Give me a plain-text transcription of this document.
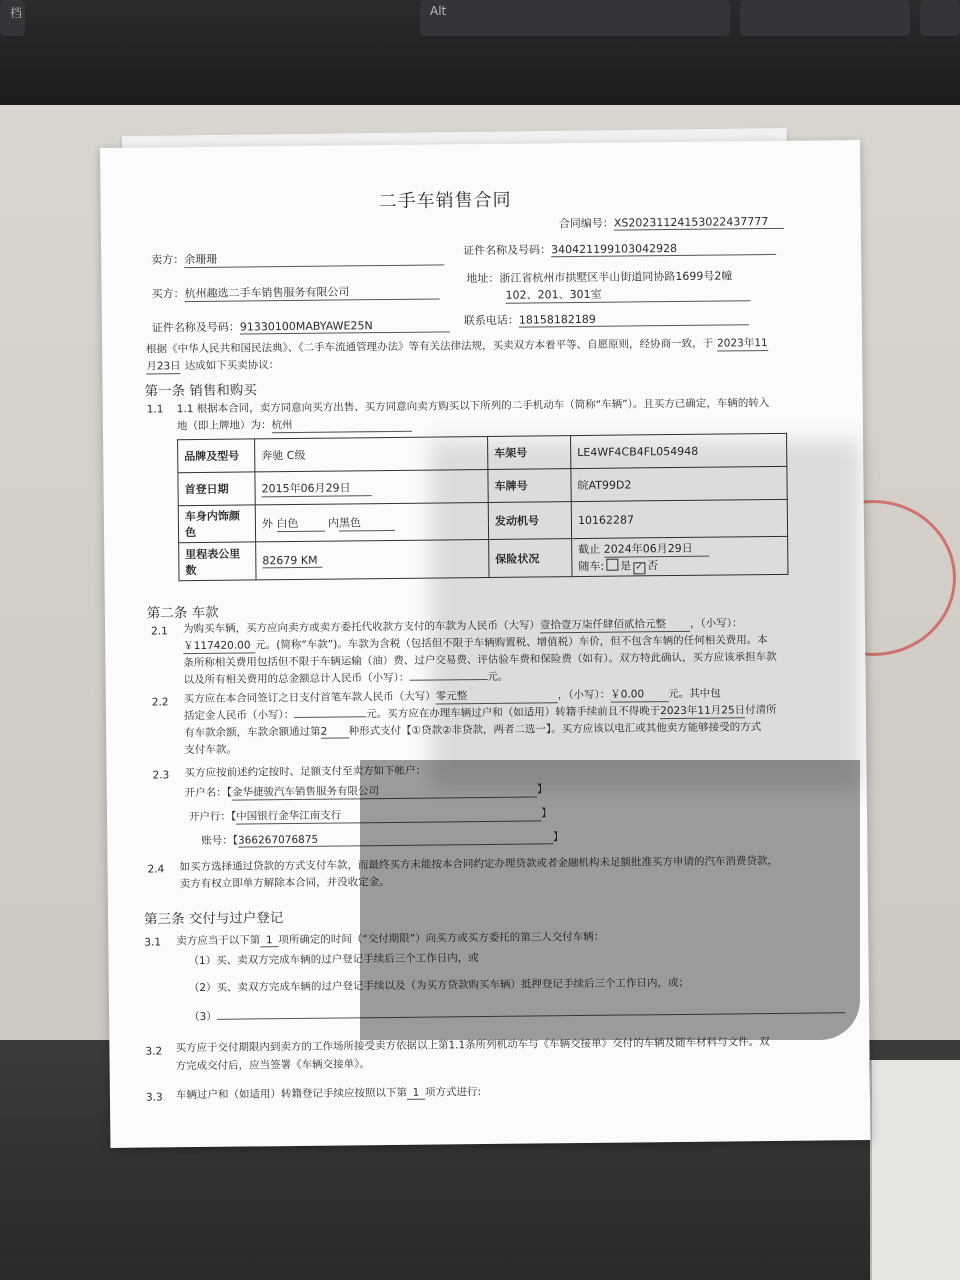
档	Alt
二手车销售合同
合同编号：XS20231124153022437777
卖方：余珊珊
证件名称及号码：340421199103042928
买方：杭州趣选二手车销售服务有限公司
地址：浙江省杭州市拱墅区半山街道同协路1699号2幢
102、201、301室
证件名称及号码：91330100MABYAWE25N	联系电话：18158182189
根据《中华人民共和国民法典》、《二手车流通管理办法》等有关法律法规，买卖双方本着平等、自愿原则，经协商一致，于 2023年11
月23日 达成如下买卖协议：
第一条 销售和购买
1.1 1.1 根据本合同，卖方同意向买方出售、买方同意向卖方购买以下所列的二手机动车（简称“车辆”）。且买方已确定，车辆的转入
地（即上牌地）为：杭州
品牌及型号	奔驰 C级	车架号	LE4WF4CB4FL054948
首登日期	2015年06月29日	车牌号	皖AT99D2
车身内饰颜色	外 白色 内黑色	发动机号	10162287
里程表公里数	82679 KM	保险状况	截止 2024年06月29日
随车: 是 ✓ 否
第二条 车款
2.1 为购买车辆，买方应向卖方或卖方委托代收款方支付的车款为人民币（大写）壹拾壹万柒仟肆佰贰拾元整 ，（小写）：
￥117420.00 元。(简称“车款”)。车款为含税（包括但不限于车辆购置税、增值税）车价，但不包含车辆的任何相关费用。本
条所称相关费用包括但不限于车辆运输（油）费、过户交易费、评估验车费和保险费（如有）。双方特此确认，买方应该承担车款
以及所有相关费用的总金额总计人民币（小写）：	元。
2.2 买方应在本合同签订之日支付首笔车款人民币（大写）零元整	，（小写）：￥0.00 元。其中包
括定金人民币（小写）：	元。买方应在办理车辆过户和（如适用）转籍手续前且不得晚于2023年11月25日付清所
有车款余额，车款余额通过第2 种形式支付【①贷款②非贷款，两者二选一】。买方应该以电汇或其他卖方能够接受的方式
支付车款。
2.3 买方应按前述约定按时、足额支付至卖方如下帐户：
开户名：【金华捷骏汽车销售服务有限公司	】
开户行：【中国银行金华江南支行	】
账号：【366267076875	】
2.4 如买方选择通过贷款的方式支付车款，而最终买方未能按本合同约定办理贷款或者金融机构未足额批准买方申请的汽车消费贷款，
卖方有权立即单方解除本合同，并没收定金。
第三条 交付与过户登记
3.1 卖方应当于以下第 1 项所确定的时间（“交付期限”）向买方或买方委托的第三人交付车辆：
（1）买、卖双方完成车辆的过户登记手续后三个工作日内，或
（2）买、卖双方完成车辆的过户登记手续以及（为买方贷款购买车辆）抵押登记手续后三个工作日内，或；
（3）
3.2 买方应于交付期限内到卖方的工作场所接受卖方依据以上第1.1条所列机动车与《车辆交接单》交付的车辆及随车材料与文件。双
方完成交付后，应当签署《车辆交接单》。
3.3 车辆过户和（如适用）转籍登记手续应按照以下第 1 项方式进行:
